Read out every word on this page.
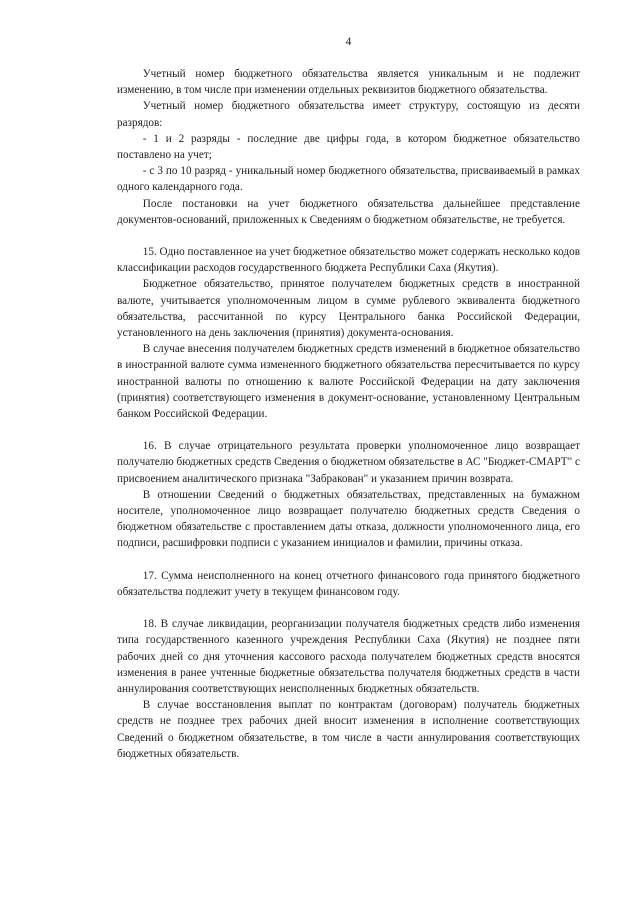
4

Учетный номер бюджетного обязательства является уникальным и не подлежит изменению, в том числе при изменении отдельных реквизитов бюджетного обязательства.

Учетный номер бюджетного обязательства имеет структуру, состоящую из десяти разрядов:

- 1 и 2 разряды - последние две цифры года, в котором бюджетное обязательство поставлено на учет;

- с 3 по 10 разряд - уникальный номер бюджетного обязательства, присваиваемый в рамках одного календарного года.

После постановки на учет бюджетного обязательства дальнейшее представление документов-оснований, приложенных к Сведениям о бюджетном обязательстве, не требуется.

15. Одно поставленное на учет бюджетное обязательство может содержать несколько кодов классификации расходов государственного бюджета Республики Саха (Якутия).

Бюджетное обязательство, принятое получателем бюджетных средств в иностранной валюте, учитывается уполномоченным лицом в сумме рублевого эквивалента бюджетного обязательства, рассчитанной по курсу Центрального банка Российской Федерации, установленного на день заключения (принятия) документа-основания.

В случае внесения получателем бюджетных средств изменений в бюджетное обязательство в иностранной валюте сумма измененного бюджетного обязательства пересчитывается по курсу иностранной валюты по отношению к валюте Российской Федерации на дату заключения (принятия) соответствующего изменения в документ-основание, установленному Центральным банком Российской Федерации.

16. В случае отрицательного результата проверки уполномоченное лицо возвращает получателю бюджетных средств Сведения о бюджетном обязательстве в АС "Бюджет-СМАРТ" с присвоением аналитического признака "Забракован" и указанием причин возврата.

В отношении Сведений о бюджетных обязательствах, представленных на бумажном носителе, уполномоченное лицо возвращает получателю бюджетных средств Сведения о бюджетном обязательстве с проставлением даты отказа, должности уполномоченного лица, его подписи, расшифровки подписи с указанием инициалов и фамилии, причины отказа.

17. Сумма неисполненного на конец отчетного финансового года принятого бюджетного обязательства подлежит учету в текущем финансовом году.

18. В случае ликвидации, реорганизации получателя бюджетных средств либо изменения типа государственного казенного учреждения Республики Саха (Якутия) не позднее пяти рабочих дней со дня уточнения кассового расхода получателем бюджетных средств вносятся изменения в ранее учтенные бюджетные обязательства получателя бюджетных средств в части аннулирования соответствующих неисполненных бюджетных обязательств.

В случае восстановления выплат по контрактам (договорам) получатель бюджетных средств не позднее трех рабочих дней вносит изменения в исполнение соответствующих Сведений о бюджетном обязательстве, в том числе в части аннулирования соответствующих бюджетных обязательств.
